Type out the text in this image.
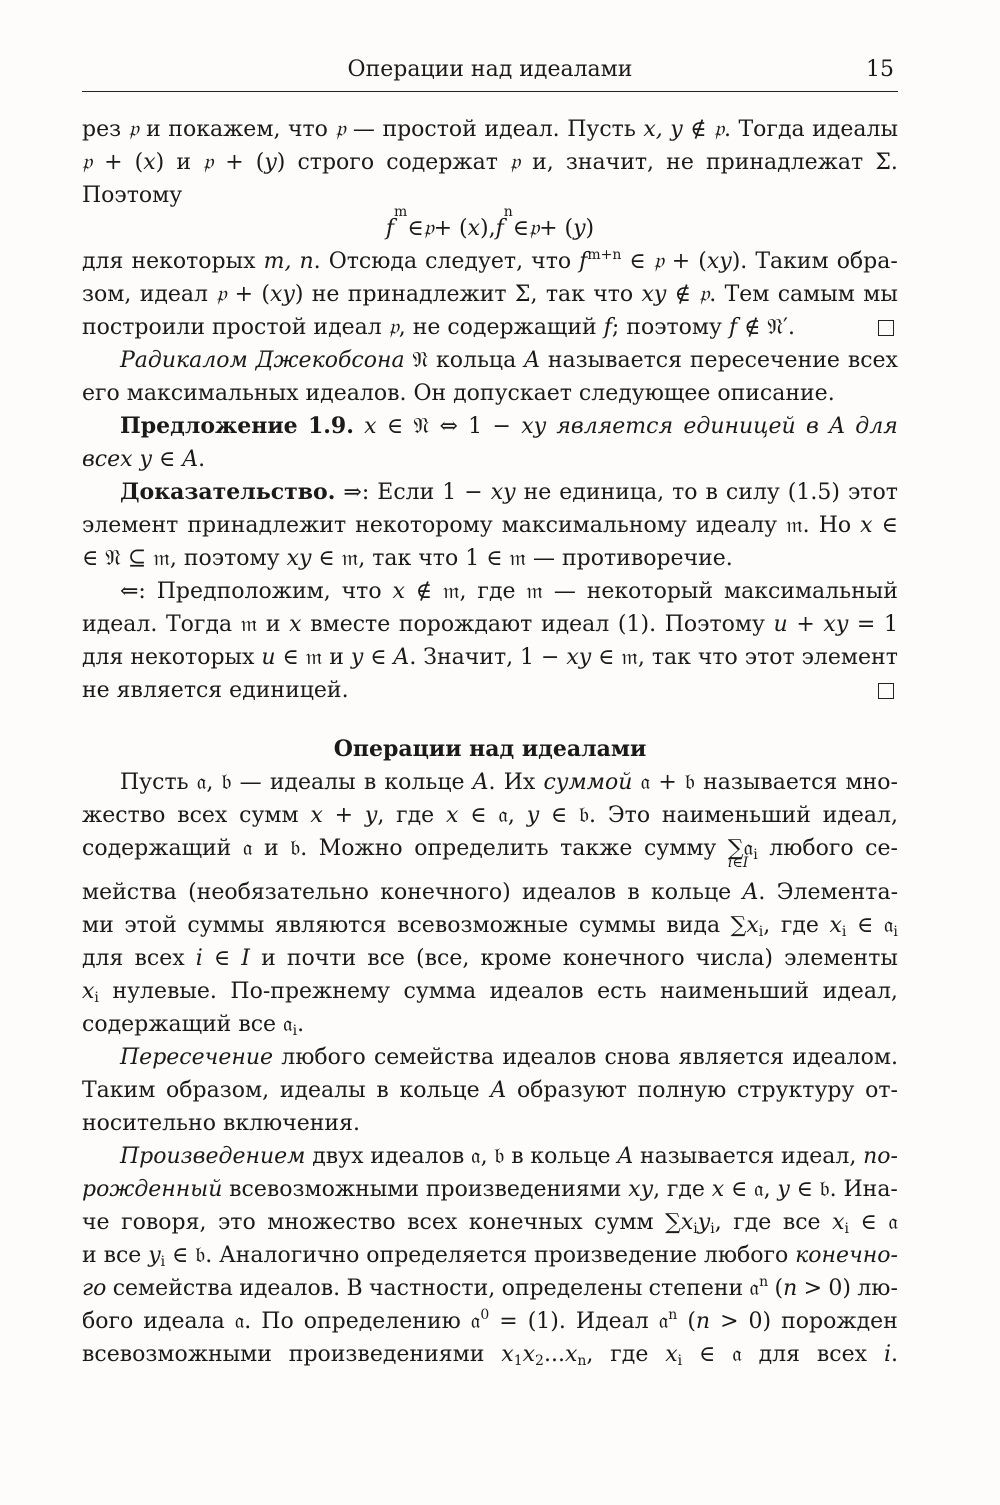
Операции над идеалами	15
рез 𝔭 и покажем, что 𝔭 — простой идеал. Пусть x, y ∉ 𝔭. Тогда идеалы
𝔭 + (x) и 𝔭 + (y) строго содержат 𝔭 и, значит, не принадлежат Σ.
Поэтому
f
m
∈ 𝔭 + ( x ), f
n
∈ 𝔭 + ( y )
для некоторых m, n. Отсюда следует, что $f^{m+n}$ ∈ 𝔭 + (xy). Таким обра-
зом, идеал 𝔭 + (xy) не принадлежит Σ, так что xy ∉ 𝔭. Тем самым мы
построили простой идеал 𝔭, не содержащий f; поэтому f ∉ 𝔑′.
Радикалом Джекобсона 𝔑 кольца A называется пересечение всех
его максимальных идеалов. Он допускает следующее описание.
Предложение 1.9. x ∈ 𝔑 ⇔ 1 − xy является единицей в A для
всех y ∈ A.
Доказательство. ⇒: Если 1 − xy не единица, то в силу (1.5) этот
элемент принадлежит некоторому максимальному идеалу 𝔪. Но x ∈
∈ 𝔑 ⊆ 𝔪, поэтому xy ∈ 𝔪, так что 1 ∈ 𝔪 — противоречие.
⇐: Предположим, что x ∉ 𝔪, где 𝔪 — некоторый максимальный
идеал. Тогда 𝔪 и x вместе порождают идеал (1). Поэтому u + xy = 1
для некоторых u ∈ 𝔪 и y ∈ A. Значит, 1 − xy ∈ 𝔪, так что этот элемент
не является единицей.
Операции над идеалами
Пусть 𝔞, 𝔟 — идеалы в кольце A. Их суммой 𝔞 + 𝔟 называется мно-
жество всех сумм x + y, где x ∈ 𝔞, y ∈ 𝔟. Это наименьший идеал,
содержащий 𝔞 и 𝔟. Можно определить также сумму ∑
i∈I
𝔞$_i$ любого се-
мейства (необязательно конечного) идеалов в кольце A. Элемента-
ми этой суммы являются всевозможные суммы вида $\sum x_i$, где $x_i$ ∈ 𝔞$_i$
для всех i ∈ I и почти все (все, кроме конечного числа) элементы
$x_i$ нулевые. По-прежнему сумма идеалов есть наименьший идеал,
содержащий все 𝔞$_i$.
Пересечение любого семейства идеалов снова является идеалом.
Таким образом, идеалы в кольце A образуют полную структуру от-
носительно включения.
Произведением двух идеалов 𝔞, 𝔟 в кольце A называется идеал, по-
рожденный всевозможными произведениями xy, где x ∈ 𝔞, y ∈ 𝔟. Ина-
че говоря, это множество всех конечных сумм $\sum x_iy_i$, где все $x_i$ ∈ 𝔞
и все $y_i$ ∈ 𝔟. Аналогично определяется произведение любого конечно-
го семейства идеалов. В частности, определены степени 𝔞$^n$ (n > 0) лю-
бого идеала 𝔞. По определению 𝔞$^0$ = (1). Идеал 𝔞$^n$ (n > 0) порожден
всевозможными произведениями $x_1x_2...x_n$, где $x_i$ ∈ 𝔞 для всех i.
